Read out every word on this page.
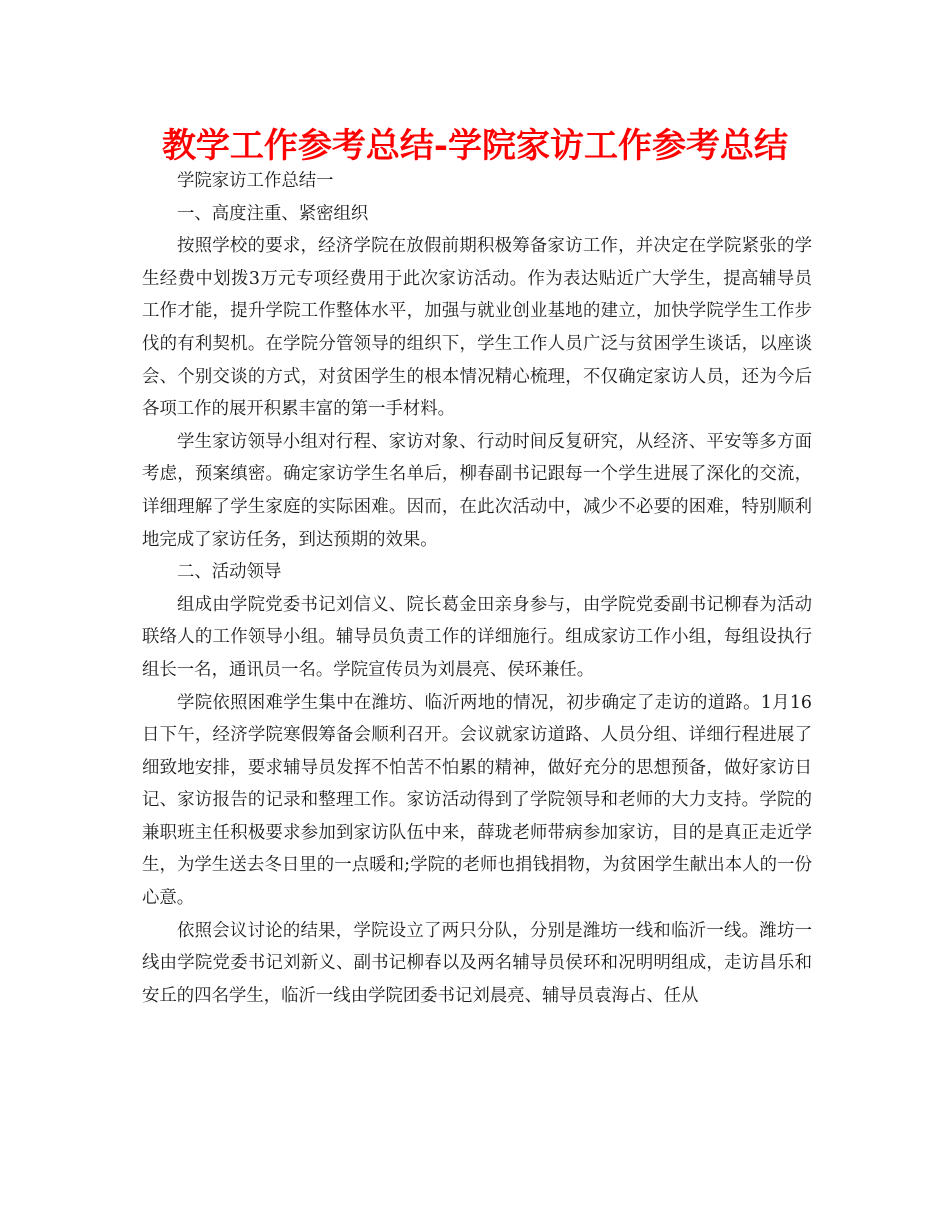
教学工作参考总结-学院家访工作参考总结

学院家访工作总结一

一、高度注重、紧密组织

按照学校的要求，经济学院在放假前期积极筹备家访工作，并决定在学院紧张的学生经费中划拨3万元专项经费用于此次家访活动。作为表达贴近广大学生，提高辅导员工作才能，提升学院工作整体水平，加强与就业创业基地的建立，加快学院学生工作步伐的有利契机。在学院分管领导的组织下，学生工作人员广泛与贫困学生谈话，以座谈会、个别交谈的方式，对贫困学生的根本情况精心梳理，不仅确定家访人员，还为今后各项工作的展开积累丰富的第一手材料。

学生家访领导小组对行程、家访对象、行动时间反复研究，从经济、平安等多方面考虑，预案缜密。确定家访学生名单后，柳春副书记跟每一个学生进展了深化的交流，详细理解了学生家庭的实际困难。因而，在此次活动中，减少不必要的困难，特别顺利地完成了家访任务，到达预期的效果。

二、活动领导

组成由学院党委书记刘信义、院长葛金田亲身参与，由学院党委副书记柳春为活动联络人的工作领导小组。辅导员负责工作的详细施行。组成家访工作小组，每组设执行组长一名，通讯员一名。学院宣传员为刘晨亮、侯环兼任。

学院依照困难学生集中在潍坊、临沂两地的情况，初步确定了走访的道路。1月16日下午，经济学院寒假筹备会顺利召开。会议就家访道路、人员分组、详细行程进展了细致地安排，要求辅导员发挥不怕苦不怕累的精神，做好充分的思想预备，做好家访日记、家访报告的记录和整理工作。家访活动得到了学院领导和老师的大力支持。学院的兼职班主任积极要求参加到家访队伍中来，薛珑老师带病参加家访，目的是真正走近学生，为学生送去冬日里的一点暖和;学院的老师也捐钱捐物，为贫困学生献出本人的一份心意。

依照会议讨论的结果，学院设立了两只分队，分别是潍坊一线和临沂一线。潍坊一线由学院党委书记刘新义、副书记柳春以及两名辅导员侯环和况明明组成，走访昌乐和安丘的四名学生，临沂一线由学院团委书记刘晨亮、辅导员袁海占、任从
